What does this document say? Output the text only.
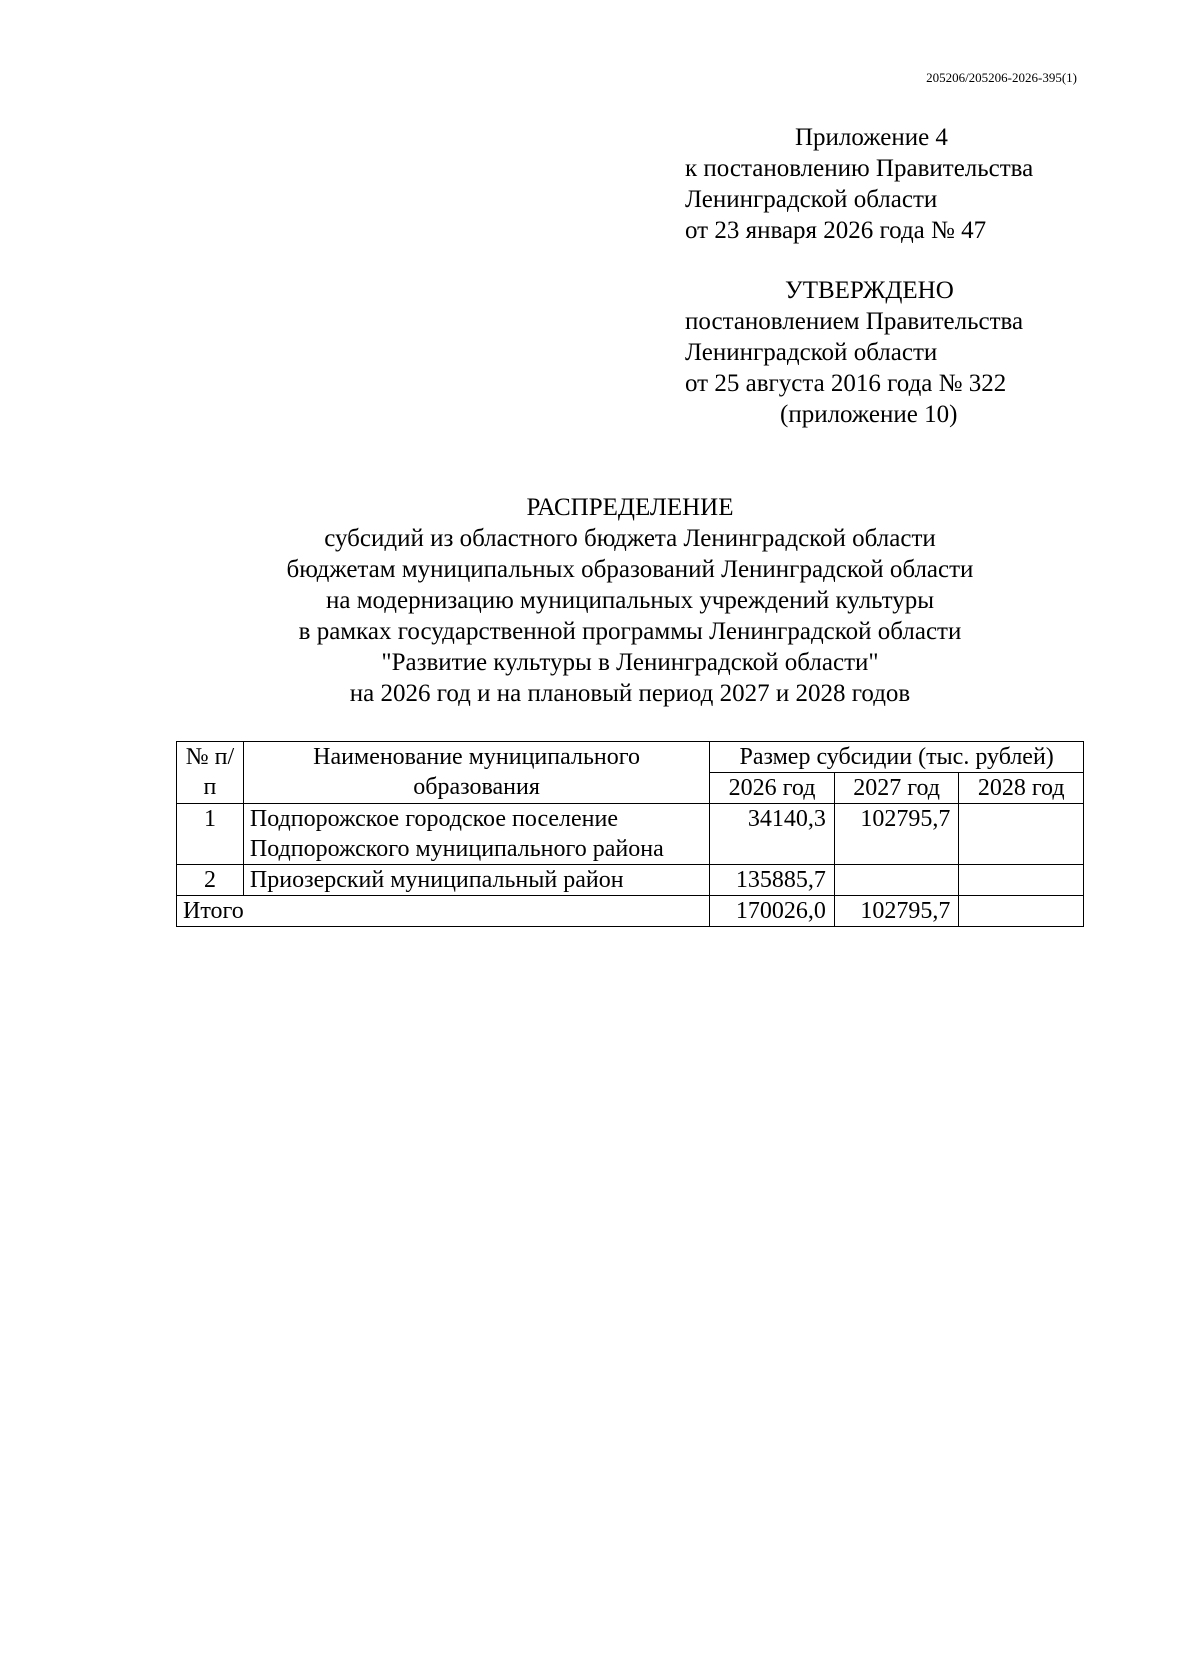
205206/205206-2026-395(1)
Приложение 4
к постановлению Правительства
Ленинградской области
от 23 января 2026 года № 47
УТВЕРЖДЕНО
постановлением Правительства
Ленинградской области
от 25 августа 2016 года № 322
(приложение 10)
РАСПРЕДЕЛЕНИЕ
субсидий из областного бюджета Ленинградской области
бюджетам муниципальных образований Ленинградской области
на модернизацию муниципальных учреждений культуры
в рамках государственной программы Ленинградской области
"Развитие культуры в Ленинградской области"
на 2026 год и на плановый период 2027 и 2028 годов
№ п/п	Наименование муниципального образования	Размер субсидии (тыс. рублей)		
		2026 год	2027 год	2028 год
1	Подпорожское городское поселение Подпорожского муниципального района	34140,3	102795,7	
2	Приозерский муниципальный район	135885,7		
Итого		170026,0	102795,7	
